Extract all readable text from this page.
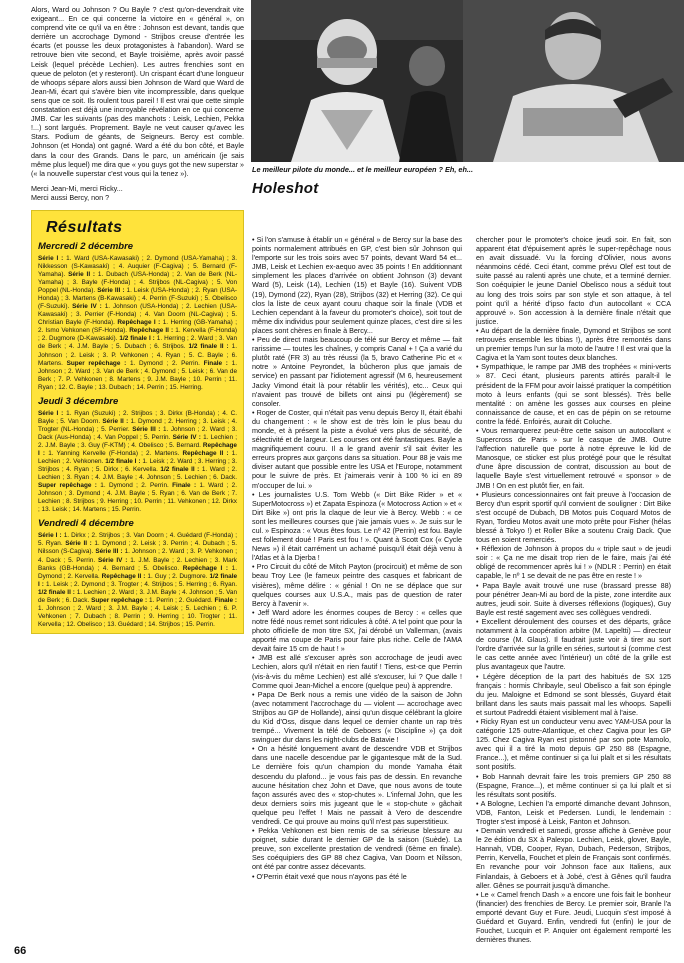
Alors, Ward ou Johnson ? Ou Bayle ? c'est qu'on-devendrait vite exigeant... En ce qui concerne la victoire en « général », on comprend vite ce qu'il va en être : Johnson est devant, tandis que derrière un accrochage Dymond - Strijbos creuse d'entrée les écarts (et pousse les deux protagonistes à l'abandon). Ward se retrouve bien vite second, et Bayle troisième, après avoir passé Leisk (lequel précède Lechien). Les autres frenchies sont en queue de peloton (et y resteront). Un crispant écart d'une longueur de whoops sépare alors aussi bien Johnson de Ward que Ward de Jean-Mi, écart qui s'avère bien vite incompressible, dans quelque sens que ce soit. Ils roulent tous pareil ! Il est vrai que cette simple constatation est déjà une incroyable révélation en ce qui concerne JMB. Car les suivants (pas des manchots : Leisk, Lechien, Pekka !...) sont largués. Proprement. Bayle ne veut causer qu'avec les Stars. Podium de géants, de Seigneurs. Bercy est comble. Johnson (et Honda) ont gagné. Ward a été du bon côté, et Bayle dans la cour des Grands. Dans le parc, un américain (je sais même plus lequel) me dira que « you guys got the new superstar » (« la nouvelle superstar c'est vous qui la tenez »).

Merci Jean-Mi, merci Ricky...

Merci aussi Bercy, non ?

Résultats
Mercredi 2 décembre

Série I : 1. Ward (USA-Kawasaki) ; 2. Dymond (USA-Yamaha) ; 3. Nikkesson (S-Kawasaki) ; 4. Auquier (F-Cagiva) ; 5. Bernard (F-Yamaha). Série II : 1. Dubach (USA-Honda) ; 2. Van de Berk (NL-Yamaha) ; 3. Bayle (F-Honda) ; 4. Strijbos (NL-Cagiva) ; 5. Von Poppel (NL-Honda). Série III : 1. Leisk (USA-Honda) ; 2. Ryan (USA-Honda) ; 3. Martens (B-Kawasaki) ; 4. Perrin (F-Suzuki) ; 5. Obelisco (F-Suzuki). Série IV : 1. Johnson (USA-Honda) ; 2. Lechien (USA-Kawasaki) ; 3. Perrier (F-Honda) ; 4. Van Doorn (NL-Cagiva) ; 5. Christian Bayle (F-Honda). Repêchage I : 1. Herring (GB-Yamaha) ; 2. Ismo Vehkonen (SF-Honda). Repêchage II : 1. Kervella (F-Honda) ; 2. Dugmore (D-Kawasaki). 1/2 finale I : 1. Herring ; 2. Ward ; 3. Van de Berk ; 4. J.M. Bayle ; 5. Dubach ; 6. Strijbos. 1/2 finale II : 1. Johnson ; 2. Leisk ; 3. P. Vehkonen ; 4. Ryan ; 5. C. Bayle ; 6. Martens. Super repêchage : 1. Dymond ; 2. Perrin. Finale : 1. Johnson ; 2. Ward ; 3. Van de Berk ; 4. Dymond ; 5. Leisk ; 6. Van de Berk ; 7. P. Vehkonen ; 8. Martens ; 9. J.M. Bayle ; 10. Perrin ; 11. Ryan ; 12. C. Bayle ; 13. Dubach ; 14. Perrin ; 15. Herring.

Jeudi 3 décembre

Série I : 1. Ryan (Suzuki) ; 2. Strijbos ; 3. Dirkx (B-Honda) ; 4. C. Bayle ; 5. Van Doorn. Série II : 1. Dymond ; 2. Herring ; 3. Leisk ; 4. Trogter (NL-Honda) ; 5. Perrier. Série III : 1. Johnson ; 2. Ward ; 3. Dack (Aus-Honda) ; 4. Van Poppel ; 5. Perrin. Série IV : 1. Lechien ; 2. J.M. Bayle ; 3. Guy (F-KTM) ; 4. Obelisco ; 5. Bernard. Repêchage I : 1. Yanning Kervelle (F-Honda) ; 2. Martens. Repêchage II : 1. Lechien ; 2. Vehkonen. 1/2 finale I : 1. Leisk ; 2. Ward ; 3. Herring ; 3. Strijbos ; 4. Ryan ; 5. Dirkx ; 6. Kervella. 1/2 finale II : 1. Ward ; 2. Lechien ; 3. Ryan ; 4. J.M. Bayle ; 4. Johnson ; 5. Lechien ; 6. Dack. Super repêchage : 1. Dymond ; 2. Perrin. Finale : 1. Ward ; 2. Johnson ; 3. Dymond ; 4. J.M. Bayle ; 5. Ryan ; 6. Van de Berk ; 7. Lechien ; 8. Strijbos ; 9. Herring ; 10. Perrin ; 11. Vehkonen ; 12. Dirkx ; 13. Leisk ; 14. Martens ; 15. Perrin.

Vendredi 4 décembre

Série I : 1. Dirkx ; 2. Strijbos ; 3. Van Doorn ; 4. Guédard (F-Honda) ; 5. Ryan. Série II : 1. Dymond ; 2. Leisk ; 3. Perrin ; 4. Dubach ; 5. Nilsson (S-Cagiva). Série III : 1. Johnson ; 2. Ward ; 3. P. Vehkonen ; 4. Dack ; 5. Perrin. Série IV : 1. J.M. Bayle ; 2. Lechien ; 3. Mark Banks (GB-Honda) ; 4. Bernard ; 5. Obelisco. Repêchage I : 1. Dymond ; 2. Kervella. Repêchage II : 1. Guy ; 2. Dugmore. 1/2 finale I : 1. Leisk ; 2. Dymond ; 3. Trogter ; 4. Strijbos ; 5. Herring ; 6. Ryan. 1/2 finale II : 1. Lechien ; 2. Ward ; 3. J.M. Bayle ; 4. Johnson ; 5. Van de Berk ; 6. Dack. Super repêchage : 1. Perrin ; 2. Guédard. Finale : 1. Johnson ; 2. Ward ; 3. J.M. Bayle ; 4. Leisk ; 5. Lechien ; 6. P. Vehkonen ; 7. Dubach ; 8. Perrin ; 9. Herring ; 10. Trogter ; 11. Kervella ; 12. Obelisco ; 13. Guédard ; 14. Strijbos ; 15. Perrin.

Le meilleur pilote du monde... et le meilleur européen ? Eh, eh...
Holeshot

• Si l'on s'amuse à établir un « général » de Bercy sur la base des points normalement attribués en GP, c'est bien sûr Johnson qui l'emporte sur les trois soirs avec 57 points, devant Ward 54 et... JMB, Leisk et Lechien ex-aequo avec 35 points ! En additionnant simplement les places d'arrivée on obtient Johnson (3) devant Ward (5), Leisk (14), Lechien (15) et Bayle (16). Suivent VDB (19), Dymond (22), Ryan (28), Strijbos (32) et Herring (32). Ce qui clos la liste de ceux ayant couru chaque soir la finale (VDB et Lechien cependant à la faveur du promoter's choice), soit tout de même dix individus pour seulement quinze places, c'est dire si les places sont chères en finale à Bercy...

• Peu de direct mais beaucoup de télé sur Bercy et même — fait rarissime — toutes les chaînes, y compris Canal + ! Ça a varié du plutôt raté (FR 3) au très réussi (la 5, bravo Catherine Pic et « notre » Antoine Peyrondet, la bûcheron plus que jamais de service) en passant par l'idiotement agressif (M 6, heureusement Jacky Vimond était là pour rétablir les vérités), etc... Ceux qui n'avaient pas trouvé de billets ont ainsi pu (légèrement) se consoler.

• Roger de Coster, qui n'était pas venu depuis Bercy II, était ébahi du changement : « le show est de très loin le plus beau du monde, et à présent la piste a évolué vers plus de sécurité, de sélectivité et de largeur. Les courses ont été fantastiques. Bayle a magnifiquement couru. Il a le grand avenir s'il sait éviter les erreurs propres aux garçons dans sa situation. Pour 88 je vais me diviser autant que possible entre les USA et l'Europe, notamment pour le suivre de près. Et j'aimerais venir à 100 % ici en 89 m'occuper de lui. »

• Les journalistes U.S. Tom Webb (« Dirt Bike Rider » et « SuperMotocross ») et Zapata Espinoza (« Motocross Action » et « Dirt Bike ») ont pris la claque de leur vie à Bercy. Webb : « ce sont les meilleures courses que j'aie jamais vues ». Je suis sur le cul. » Espinoza : « Vous êtes fous. Le nº 42 (Perrin) est fou. Bayle est follement doué ! Paris est fou ! ». Quant à Scott Cox (« Cycle News ») il était carrément un acharné puisqu'il était déjà venu à l'Atlas et à la Djerba !

• Pro Circuit du côté de Mitch Payton (procircuit) et même de son beau Troy Lee (le fameux peintre des casques et fabricant de visières), même délire : « génial ! On ne se déplace que sur quelques courses aux U.S.A., mais pas de question de rater Bercy à l'avenir ».

• Jeff Ward adore les énormes coupes de Bercy : « celles que notre fédé nous remet sont ridicules à côté. A tel point que pour la photo officielle de mon titre SX, j'ai dérobé un Vallerman, (avais apporté ma coupe de Paris pour faire plus riche. Celle de l'AMA devait faire 15 cm de haut ! »

• JMB est allé s'excuser après son accrochage de jeudi avec Lechien, alors qu'il n'était en rien fautif ! Tiens, est-ce que Perrin (vis-à-vis du même Lechien) est allé s'excuser, lui ? Que dalle ! Comme quoi Jean-Michel a encore (quelque peu) à apprendre.

• Papa De Berk nous a remis une vidéo de la saison de John (avec notamment l'accrochage du — violent — accrochage avec Strijbos au GP de Hollande), ainsi qu'un disque célébrant la gloire du Kid d'Oss, disque dans lequel ce dernier chante un rap très trempé... Vivement la télé de Geboers (« Discipline ») ça doit swinguer dur dans les night-clubs de Batavie !

• On a hésité longuement avant de descendre VDB et Strijbos dans une nacelle descendue par le gigantesque mât de la Sud. Le dernière fois qu'un champion du monde Yamaha était descendu du plafond... je vous fais pas de dessin. En revanche aucune hésitation chez John et Dave, que nous avons de toute façon assurés avec des « stop-chutes ». L'infernal John, que les deux derniers soirs mis jugeant que le « stop-chute » gâchait quelque peu l'effet ! Mais ne passait à Vero de descendre vendredi. Ce qui prouve au moins qu'il n'est pas superstitieux.

• Pekka Vehkonen est bien remis de sa sérieuse blessure au poignet, subie durant le dernier GP de la saison (Suède). La preuve, son excellente prestation de vendredi (6ème en finale). Ses coéquipiers des GP 88 chez Cagiva, Van Doorn et Nilsson, ont été par contre assez décevants.

• O'Perrin était vexé que nous n'ayons pas été le

chercher pour le promoter's choice jeudi soir. En fait, son apparent état d'épuisement après le super-repêchage nous en avait dissuadé. Vu la forcing d'Olivier, nous avons néanmoins cédé. Ceci étant, comme prévu Olef est tout de suite passé au ralenti après une chute, et a terminé dernier. Son coéquipier le jeune Daniel Obelisco nous a séduit tout au long des trois soirs par son style et son attaque, à tel point qu'il a hérité d'ipso facto d'un autocollant « CCA approuvé ». Son accession à la dernière finale n'était que justice.

• Au départ de la dernière finale, Dymond et Strijbos se sont retrouvés ensemble les tibias !), après être remontés dans un premier temps l'un sur la moto de l'autre ! Il est vrai que la Cagiva et la Yam sont toutes deux blanches.

• Sympathique, le rampe par JMB des trophées « mini-verts » 87. Ceci étant, plusieurs parents attirés paraît-il le président de la FFM pour avoir laissé pratiquer la compétition moto à leurs enfants (qui se sont blessés). Très belle mentalité : on amène les gosses aux courses en pleine connaissance de cause, et en cas de pépin on se retourne contre la fédé. Enfoirés, aurait dit Coluche.

• Vous remarquerez peut-être cette saison un autocollant « Supercross de Paris » sur le casque de JMB. Outre l'affection naturelle que porte à notre épreuve le kid de Manosque, ce sticker est plus protégé pour que le résultat d'une âpre discussion de contrat, discussion au bout de laquelle Bayle s'est virtuellement retrouvé « sponsor » de JMB ! On en est plutôt fier, en fait.

• Plusieurs concessionnaires ont fait preuve à l'occasion de Bercy d'un esprit sportif qu'il convient de souligner : Dirt Bike s'est occupé de Dubach, DB Motos puis Coquard Motos de Ryan, Tordieu Motos avait une moto prête pour Fisher (hélas blessé à Tokyo !) et Roller Bike a soutenu Craig Dack. Que tous en soient remerciés.

• Réflexion de Johnson à propos du « triple saut » de jeudi soir : « Ça ne me disait trop rien de le faire, mais j'ai été obligé de recommencer après lui ! » (NDLR : Perrin) en était capable, le nº 1 se devait de ne pas être en reste ! »

• Papa Bayle avait trouvé une ruse (brassard presse 88) pour pénétrer Jean-Mi au bord de la piste, zone interdite aux autres, jeudi soir. Suite à diverses réflexions (logiques), Guy Bayle est resté sagement avec ses collègues vendredi.

• Excellent déroulement des courses et des départs, grâce notamment à la coopération arbitre (M. Lapeltti) — directeur de course (M. Glaus). Il faudrait juste voir à tirer au sort l'ordre d'arrivée sur la grille en séries, surtout si (comme c'est le cas cette année avec l'intérieur) un côté de la grille est plus avantageux que l'autre.

• Légère déception de la part des habitués de SX 125 français : hormis Chribayle, seul Obelisco a fait son épingle du jeu. Maloigne et Edmond se sont blessés, Guyard était brillant dans les sauts mais passait mal les whoops. Sapelli et surtout Padreddi étaient visiblement mal à l'aise.

• Ricky Ryan est un conducteur venu avec YAM-USA pour la catégorie 125 outre-Atlantique, et chez Cagiva pour les GP 125. Chez Cagiva Ryan est pistonné par son pote Mamolo, avec qui il a tiré la moto depuis GP 250 88 (Espagne, France...), et même continuer si ça lui plaît et si les résultats sont positifs.

• Bob Hannah devrait faire les trois premiers GP 250 88 (Espagne, France...), et même continuer si ça lui plaît et si les résultats sont positifs.

• A Bologne, Lechien l'a emporté dimanche devant Johnson, VDB, Fanton, Leisk et Pedersen. Lundi, le lendemain : Trogter s'est imposé à Leisk, Fanton et Johnson.

• Demain vendredi et samedi, grosse affiche à Genève pour le 2e édition du SX à Palexpo. Lechien, Leisk, glover, Bayle, Hannah, VDB, Cooper, Ryan, Dubach, Pederson, Strijbos, Perrin, Kervella, Fouchet et plein de Français sont confirmés. En revanche pour voir Johnson face aux Italiens, aux Finlandais, à Geboers et à Jobé, c'est à Gênes qu'il faudra aller. Gênes se pourrait jusqu'à dimanche.

• Le « Camel french Dash » a encore une fois fait le bonheur (financier) des frenchies de Bercy. Le premier soir, Branle l'a emporté devant Guy et Fure. Jeudi, Lucquin s'est imposé à Guédard et Guyard. Enfin, vendredi fut (enfin) le jour de Fouchet, Lucquin et P. Anquier ont également remporté les dernières thunes.

66
